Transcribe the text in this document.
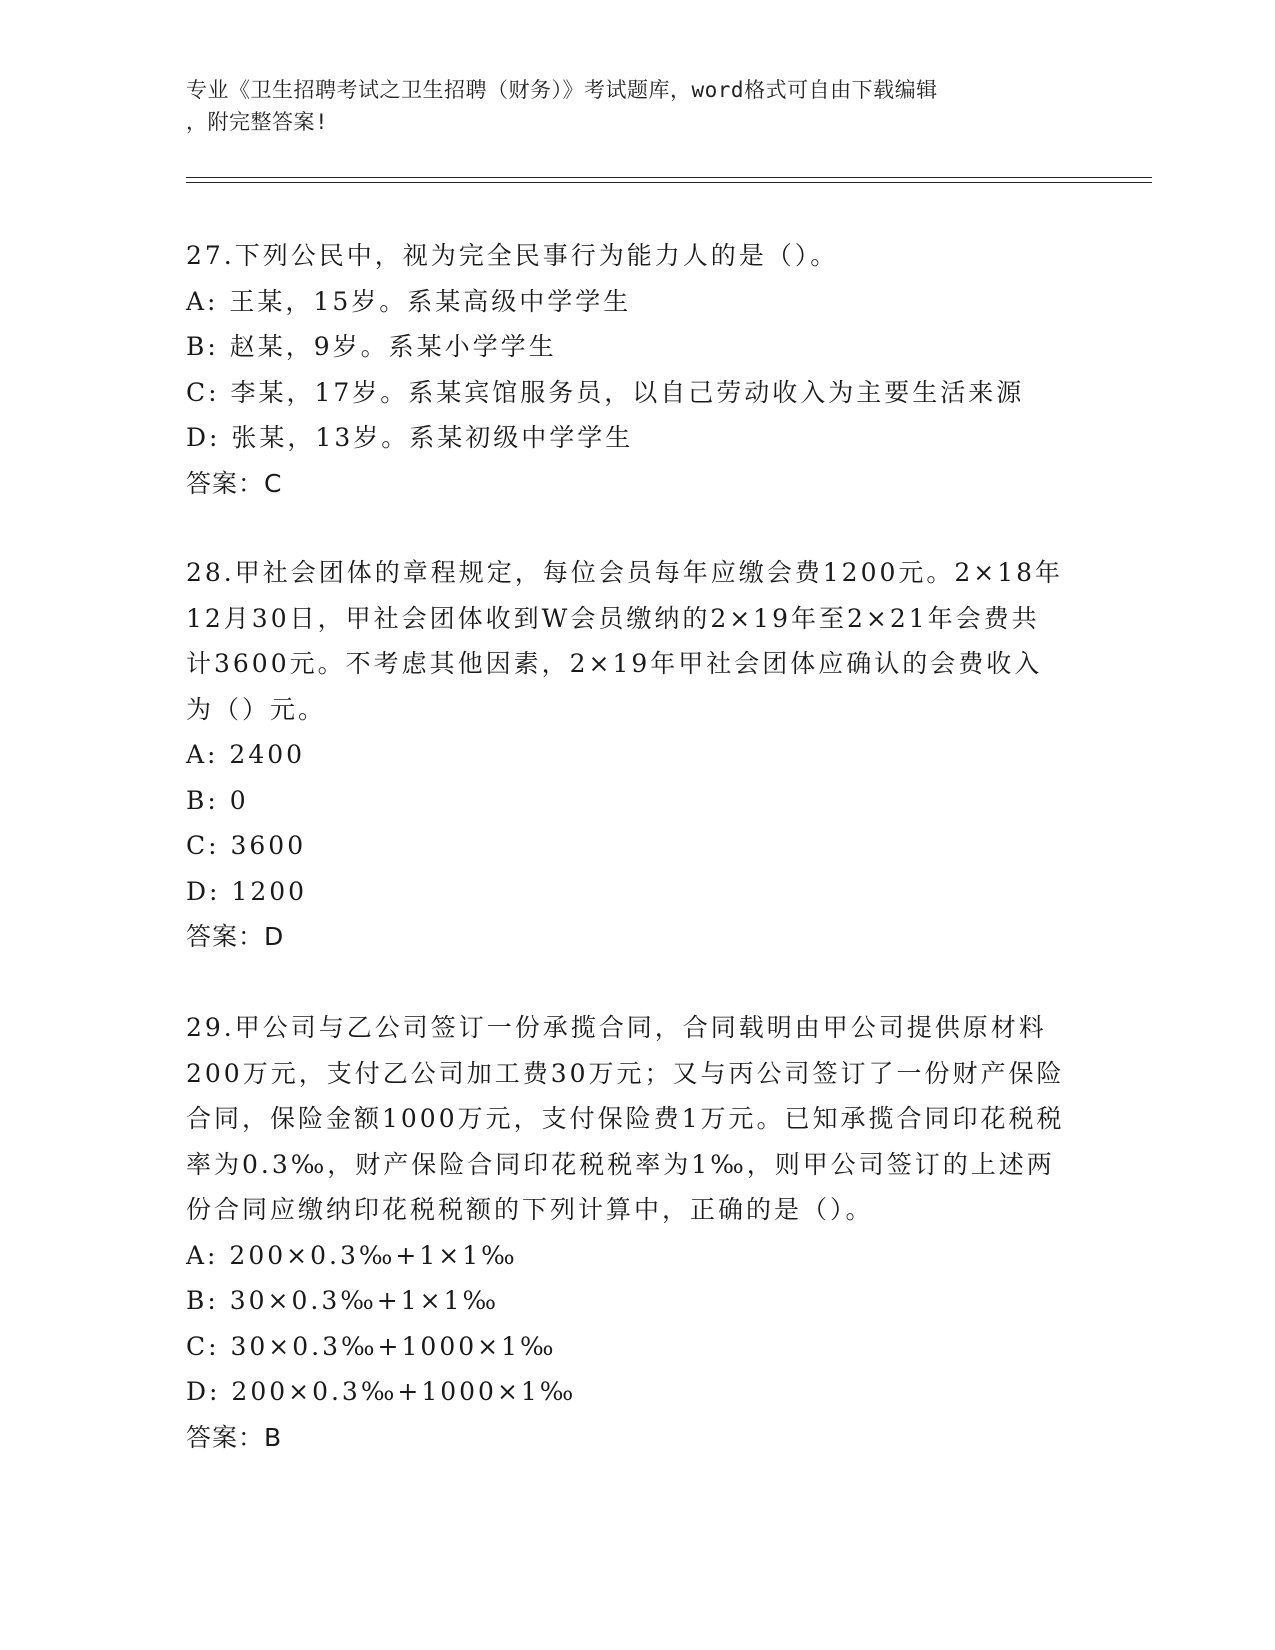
专业《卫生招聘考试之卫生招聘（财务）》考试题库，word格式可自由下载编辑
，附完整答案!
27.下列公民中，视为完全民事行为能力人的是（）。
A: 王某，15岁。系某高级中学学生
B: 赵某，9岁。系某小学学生
C: 李某，17岁。系某宾馆服务员，以自己劳动收入为主要生活来源
D: 张某，13岁。系某初级中学学生
答案：C
28.甲社会团体的章程规定，每位会员每年应缴会费1200元。2×18年12月30日，甲社会团体收到W会员缴纳的2×19年至2×21年会费共计3600元。不考虑其他因素，2×19年甲社会团体应确认的会费收入为（）元。
A: 2400
B: 0
C: 3600
D: 1200
答案：D
29.甲公司与乙公司签订一份承揽合同，合同载明由甲公司提供原材料200万元，支付乙公司加工费30万元；又与丙公司签订了一份财产保险合同，保险金额1000万元，支付保险费1万元。已知承揽合同印花税税率为0.3‰，财产保险合同印花税税率为1‰，则甲公司签订的上述两份合同应缴纳印花税税额的下列计算中，正确的是（）。
A: 200×0.3‰+1×1‰
B: 30×0.3‰+1×1‰
C: 30×0.3‰+1000×1‰
D: 200×0.3‰+1000×1‰
答案：B
